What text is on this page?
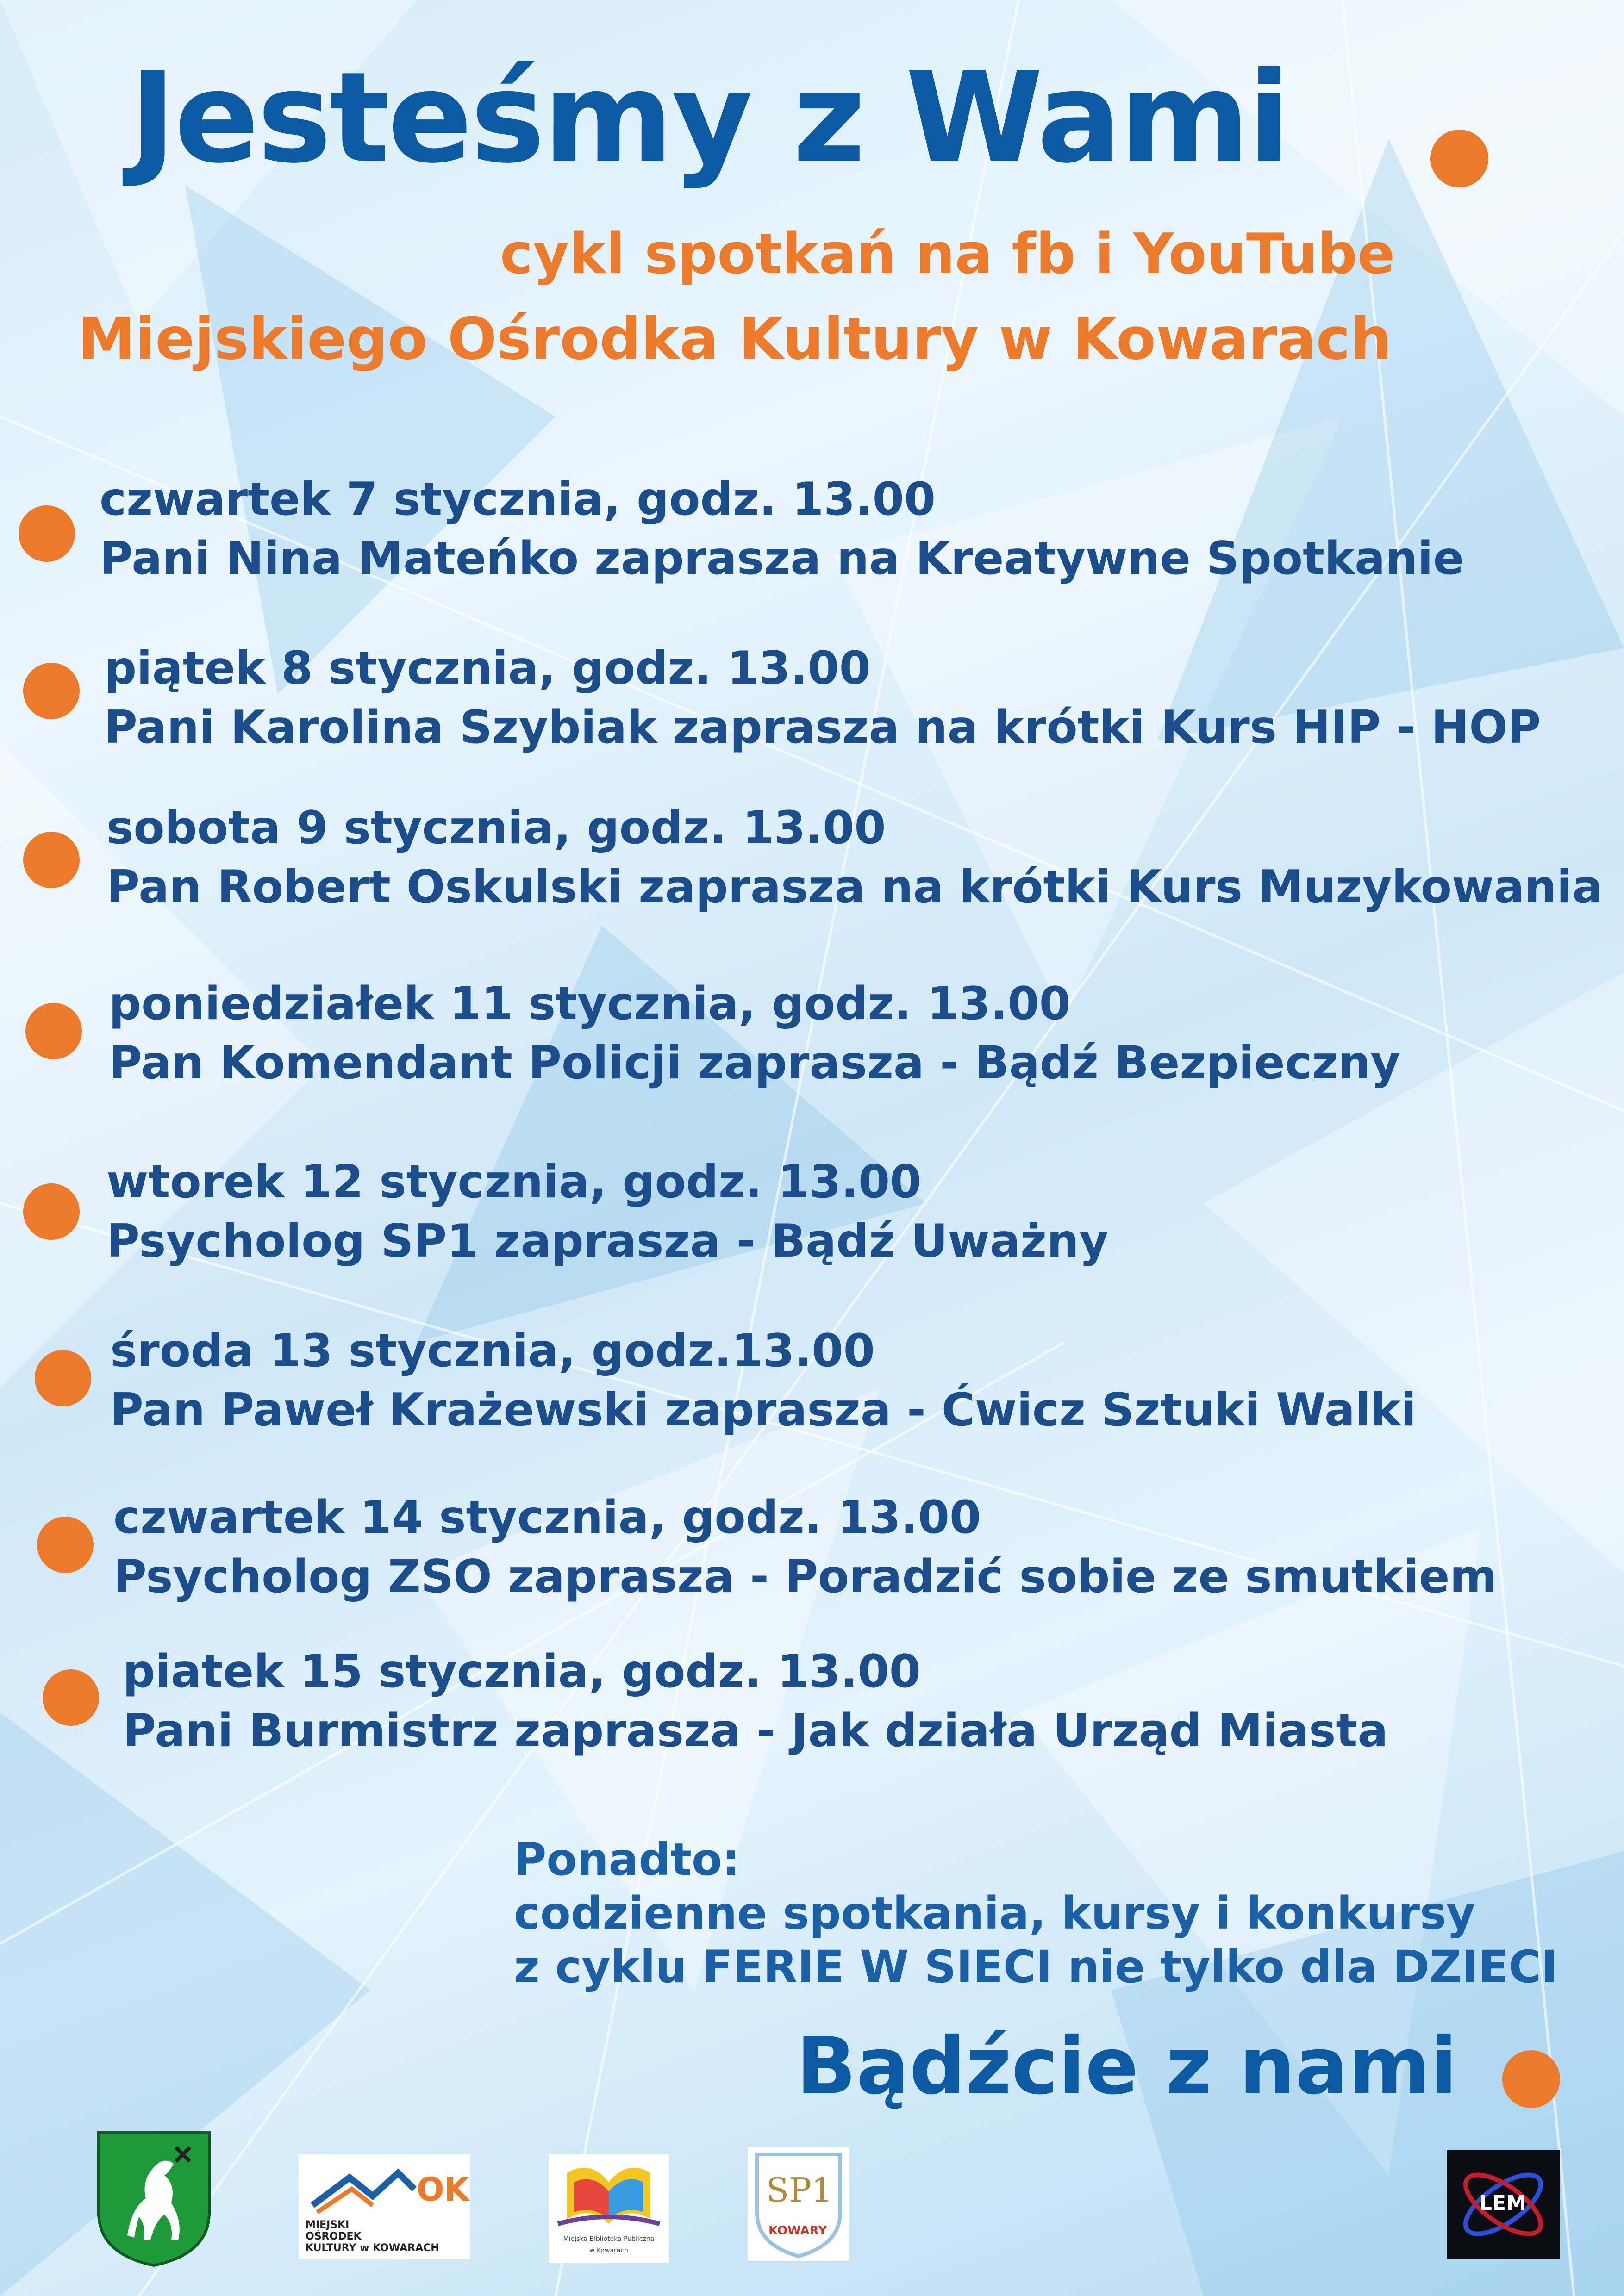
Jesteśmy z Wami
cykl spotkań na fb i YouTube
Miejskiego Ośrodka Kultury w Kowarach
czwartek 7 stycznia, godz. 13.00
Pani Nina Mateńko zaprasza na Kreatywne Spotkanie
piątek 8 stycznia, godz. 13.00
Pani Karolina Szybiak zaprasza na krótki Kurs HIP - HOP
sobota 9 stycznia, godz. 13.00
Pan Robert Oskulski zaprasza na krótki Kurs Muzykowania
poniedziałek 11 stycznia, godz. 13.00
Pan Komendant Policji zaprasza - Bądź Bezpieczny
wtorek 12 stycznia, godz. 13.00
Psycholog SP1 zaprasza - Bądź Uważny
środa 13 stycznia, godz.13.00
Pan Paweł Krażewski zaprasza - Ćwicz Sztuki Walki
czwartek 14 stycznia, godz. 13.00
Psycholog ZSO zaprasza - Poradzić sobie ze smutkiem
piatek 15 stycznia, godz. 13.00
Pani Burmistrz zaprasza - Jak działa Urząd Miasta
Ponadto:
codzienne spotkania, kursy i konkursy
z cyklu FERIE W SIECI nie tylko dla DZIECI
Bądźcie z nami
OK
MIEJSKI
OŚRODEK
KULTURY w KOWARACH
Miejska Biblioteka Publiczna
w Kowarach
SP1
KOWARY
LEM
